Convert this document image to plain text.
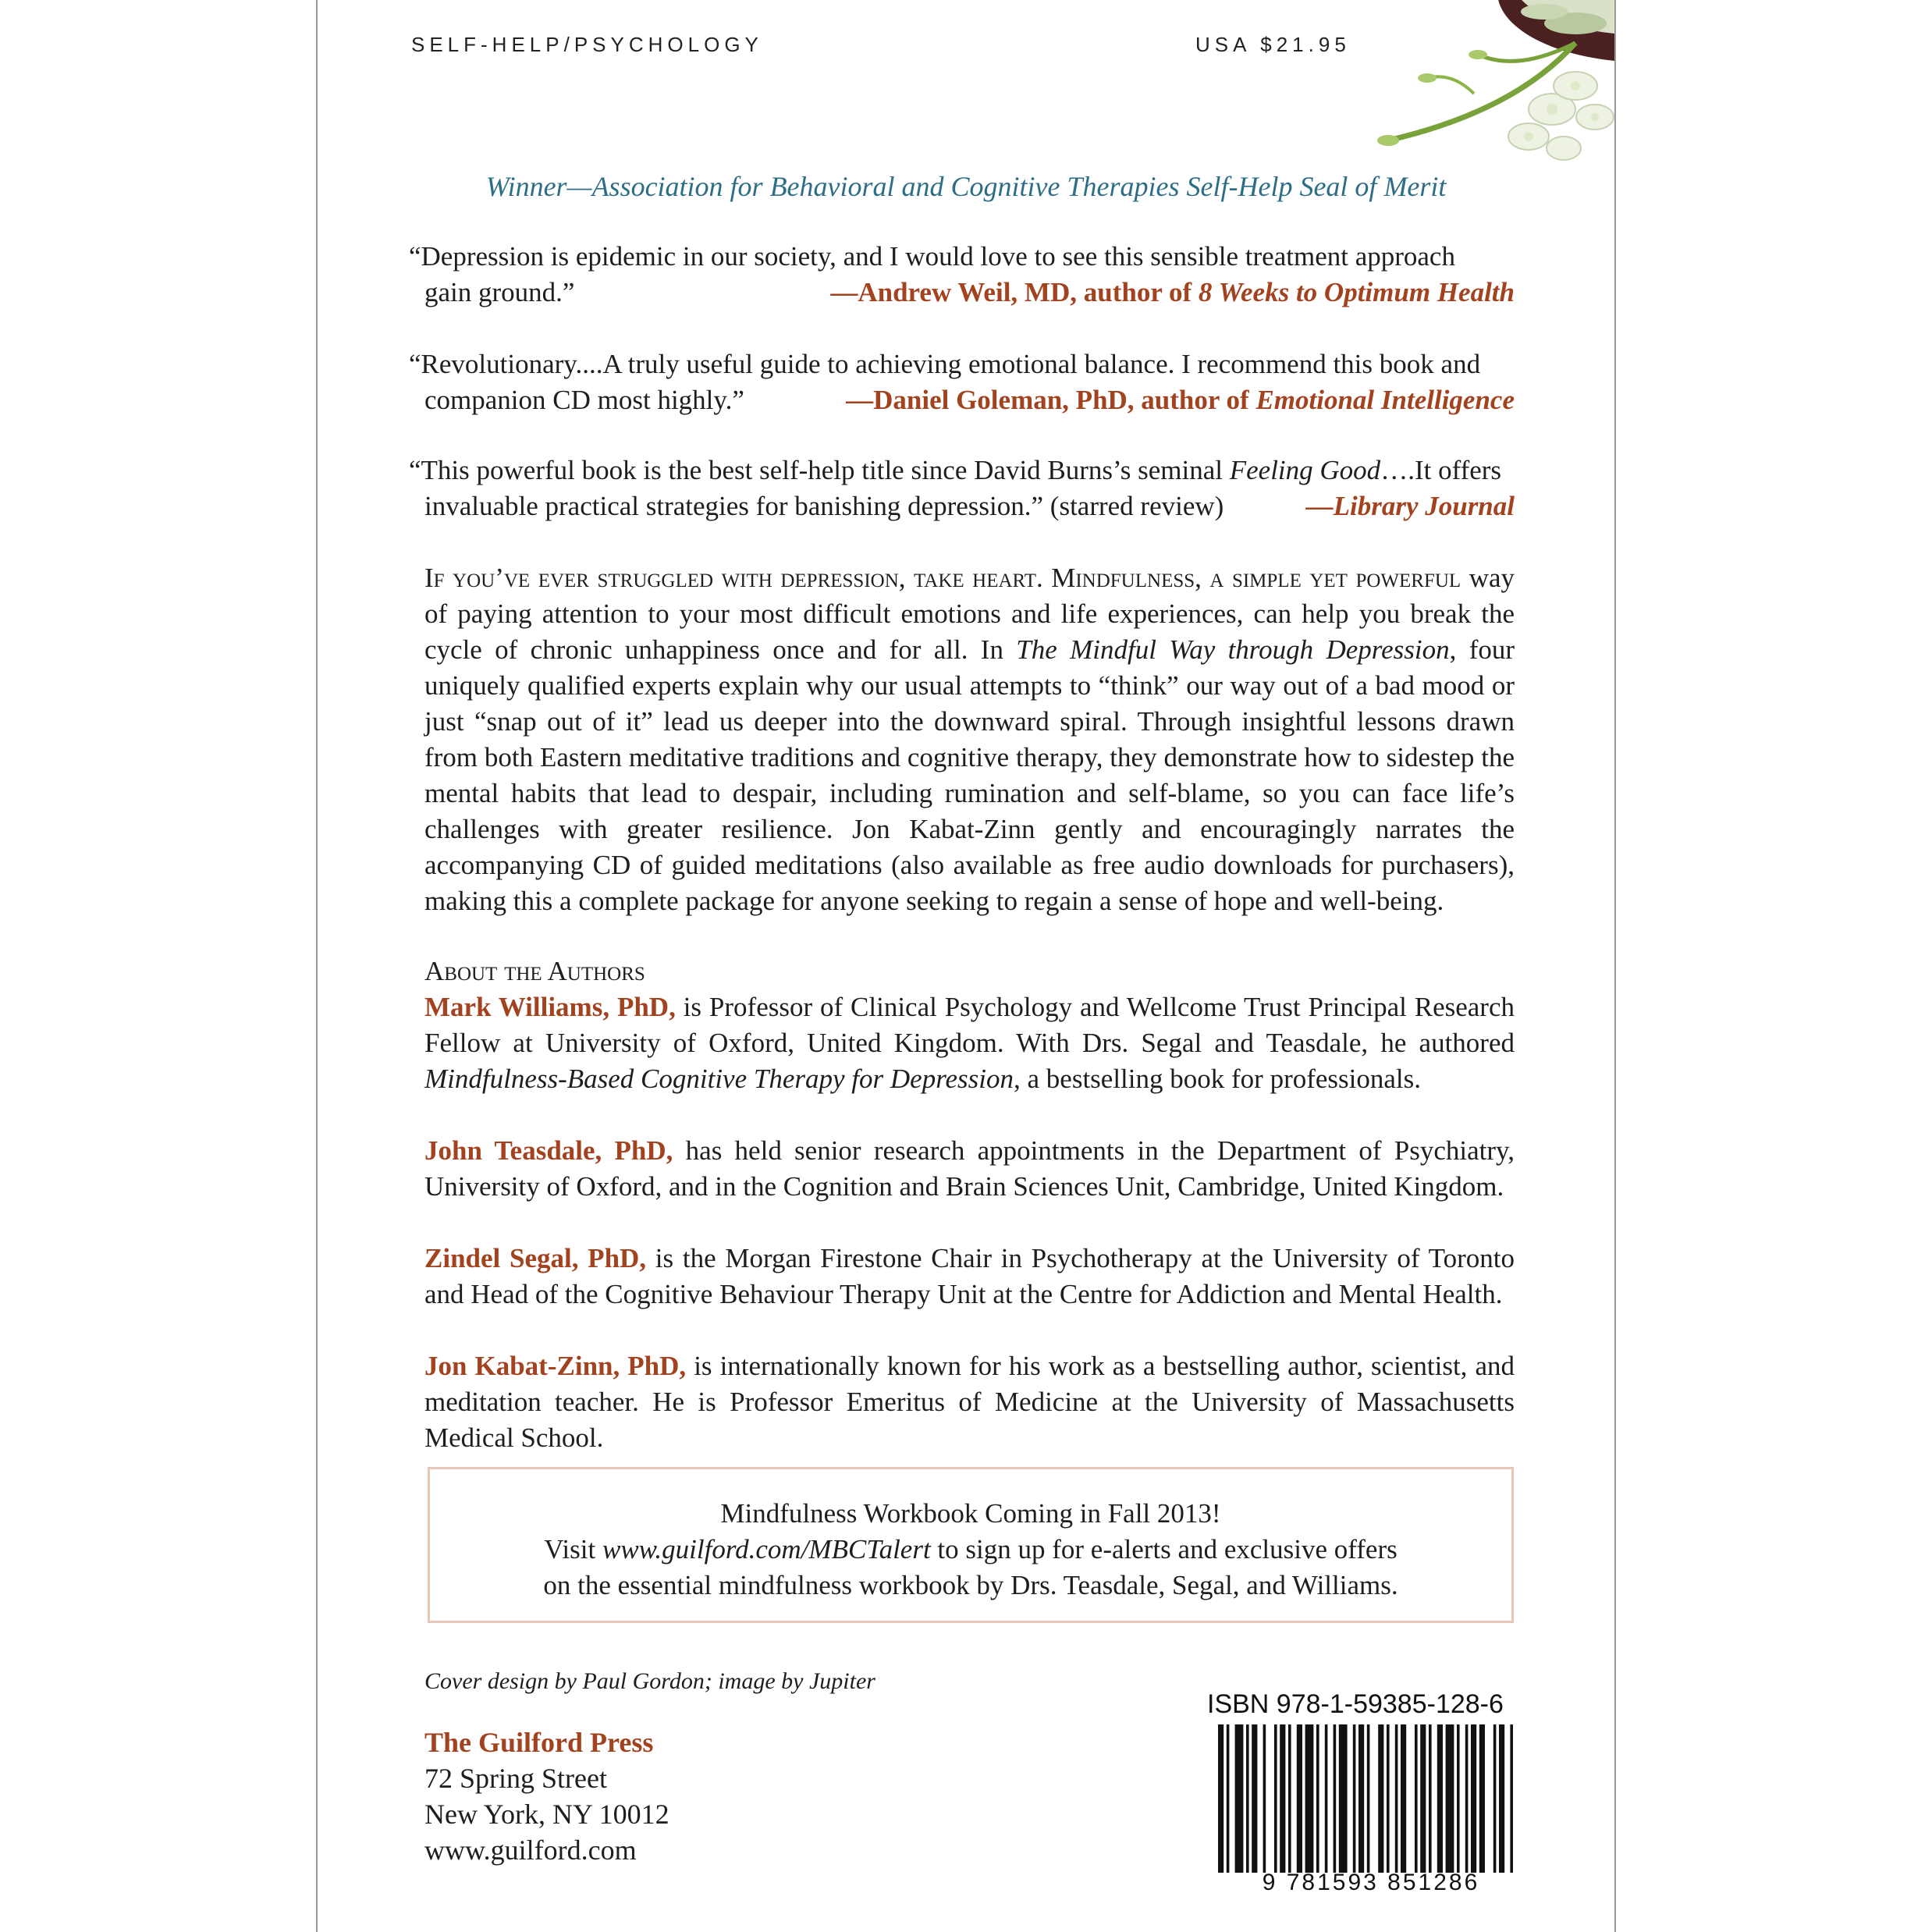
SELF-HELP/PSYCHOLOGY	USA $21.95
Winner—Association for Behavioral and Cognitive Therapies Self-Help Seal of Merit
“Depression is epidemic in our society, and I would love to see this sensible treatment approach
gain ground.”	—Andrew Weil, MD, author of 8 Weeks to Optimum Health
“Revolutionary....A truly useful guide to achieving emotional balance. I recommend this book and
companion CD most highly.”	—Daniel Goleman, PhD, author of Emotional Intelligence
“This powerful book is the best self-help title since David Burns’s seminal Feeling Good….It offers
invaluable practical strategies for banishing depression.” (starred review)	—Library Journal
If you’ve ever struggled with depression, take heart. Mindfulness, a simple yet powerful way of paying attention to your most difficult emotions and life experiences, can help you break the cycle of chronic unhappiness once and for all. In The Mindful Way through Depression, four uniquely qualified experts explain why our usual attempts to “think” our way out of a bad mood or just “snap out of it” lead us deeper into the downward spiral. Through insightful lessons drawn from both Eastern meditative traditions and cognitive therapy, they demonstrate how to sidestep the mental habits that lead to despair, including rumination and self-blame, so you can face life’s challenges with greater resilience. Jon Kabat-Zinn gently and encouragingly narrates the accompanying CD of guided meditations (also available as free audio downloads for purchasers), making this a complete package for anyone seeking to regain a sense of hope and well-being.
About the Authors
Mark Williams, PhD, is Professor of Clinical Psychology and Wellcome Trust Principal Research Fellow at University of Oxford, United Kingdom. With Drs. Segal and Teasdale, he authored Mindfulness-Based Cognitive Therapy for Depression, a bestselling book for professionals.
John Teasdale, PhD, has held senior research appointments in the Department of Psychiatry, University of Oxford, and in the Cognition and Brain Sciences Unit, Cambridge, United Kingdom.
Zindel Segal, PhD, is the Morgan Firestone Chair in Psychotherapy at the University of Toronto and Head of the Cognitive Behaviour Therapy Unit at the Centre for Addiction and Mental Health.
Jon Kabat-Zinn, PhD, is internationally known for his work as a bestselling author, scientist, and meditation teacher. He is Professor Emeritus of Medicine at the University of Massachusetts Medical School.
Mindfulness Workbook Coming in Fall 2013!
Visit www.guilford.com/MBCTalert to sign up for e-alerts and exclusive offers
on the essential mindfulness workbook by Drs. Teasdale, Segal, and Williams.
Cover design by Paul Gordon; image by Jupiter
The Guilford Press
72 Spring Street
New York, NY 10012
www.guilford.com
ISBN 978-1-59385-128-6
9 781593 851286
